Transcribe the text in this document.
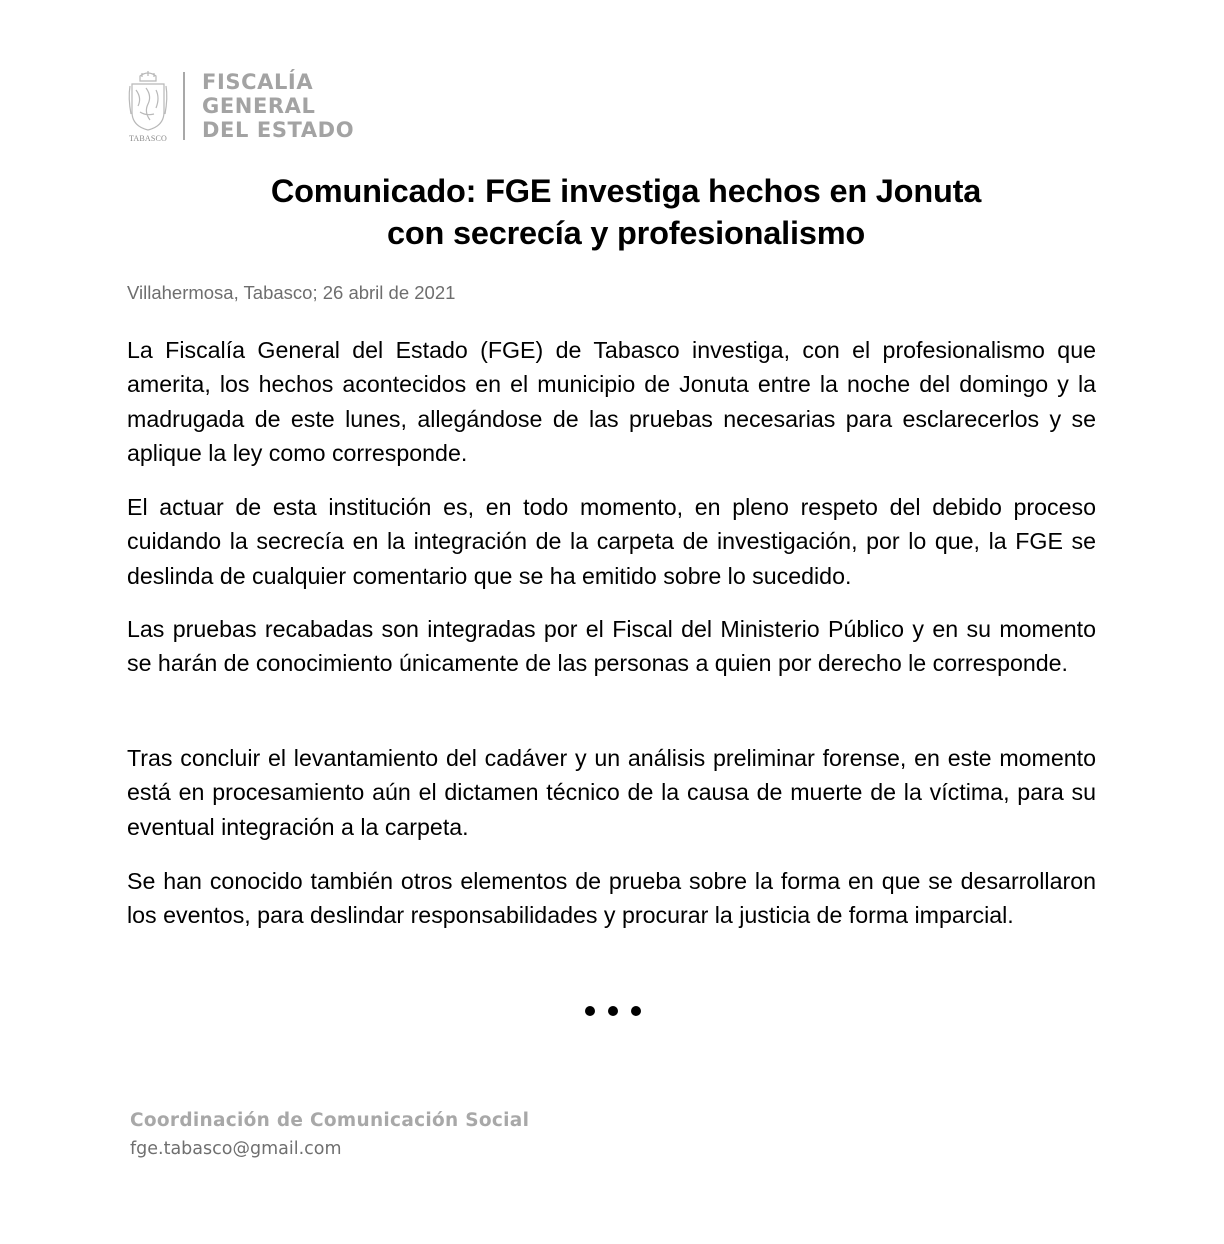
TABASCO
FISCALÍA
GENERAL
DEL ESTADO
Comunicado: FGE investiga hechos en Jonuta
con secrecía y profesionalismo
Villahermosa, Tabasco; 26 abril de 2021

La Fiscalía General del Estado (FGE) de Tabasco investiga, con el profesionalismo que amerita, los hechos acontecidos en el municipio de Jonuta entre la noche del domingo y la madrugada de este lunes, allegándose de las pruebas necesarias para esclarecerlos y se aplique la ley como corresponde.

El actuar de esta institución es, en todo momento, en pleno respeto del debido proceso cuidando la secrecía en la integración de la carpeta de investigación, por lo que, la FGE se deslinda de cualquier comentario que se ha emitido sobre lo sucedido.

Las pruebas recabadas son integradas por el Fiscal del Ministerio Público y en su momento se harán de conocimiento únicamente de las personas a quien por derecho le corresponde.

Tras concluir el levantamiento del cadáver y un análisis preliminar forense, en este momento está en procesamiento aún el dictamen técnico de la causa de muerte de la víctima, para su eventual integración a la carpeta.

Se han conocido también otros elementos de prueba sobre la forma en que se desarrollaron los eventos, para deslindar responsabilidades y procurar la justicia de forma imparcial.

Coordinación de Comunicación Social
fge.tabasco@gmail.com
